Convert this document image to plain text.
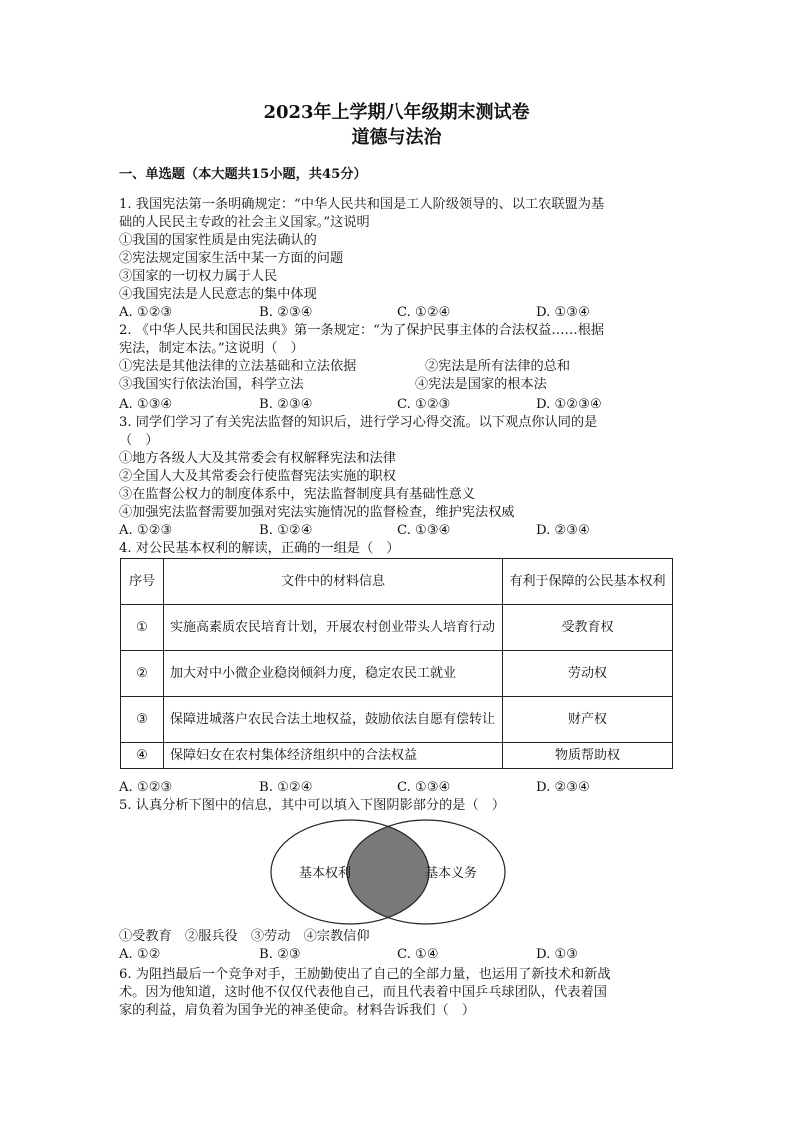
2023年上学期八年级期末测试卷
道德与法治
一、单选题（本大题共15小题，共45分）
1. 我国宪法第一条明确规定：“中华人民共和国是工人阶级领导的、以工农联盟为基
础的人民民主专政的社会主义国家。”这说明
①我国的国家性质是由宪法确认的
②宪法规定国家生活中某一方面的问题
③国家的一切权力属于人民
④我国宪法是人民意志的集中体现
A. ①②③	B. ②③④	C. ①②④	D. ①③④
2. 《中华人民共和国民法典》第一条规定：“为了保护民事主体的合法权益……根据
宪法，制定本法。”这说明（　）
①宪法是其他法律的立法基础和立法依据	②宪法是所有法律的总和
③我国实行依法治国，科学立法	④宪法是国家的根本法
A. ①③④	B. ②③④	C. ①②③	D. ①②③④
3. 同学们学习了有关宪法监督的知识后，进行学习心得交流。以下观点你认同的是
（　）
①地方各级人大及其常委会有权解释宪法和法律
②全国人大及其常委会行使监督宪法实施的职权
③在监督公权力的制度体系中，宪法监督制度具有基础性意义
④加强宪法监督需要加强对宪法实施情况的监督检查，维护宪法权威
A. ①②③	B. ①②④	C. ①③④	D. ②③④
4. 对公民基本权利的解读，正确的一组是（　）
序号	文件中的材料信息	有利于保障的公民基本权利
①	实施高素质农民培育计划，开展农村创业带头人培育行动	受教育权
②	加大对中小微企业稳岗倾斜力度，稳定农民工就业	劳动权
③	保障进城落户农民合法土地权益，鼓励依法自愿有偿转让	财产权
④	保障妇女在农村集体经济组织中的合法权益	物质帮助权
A. ①②③	B. ①②④	C. ①③④	D. ②③④
5. 认真分析下图中的信息，其中可以填入下图阴影部分的是（　）
基本权利	基本义务
①受教育　②服兵役　③劳动　④宗教信仰
A. ①②	B. ②③	C. ①④	D. ①③
6. 为阻挡最后一个竞争对手，王励勤使出了自己的全部力量，也运用了新技术和新战
术。因为他知道，这时他不仅仅代表他自己，而且代表着中国乒乓球团队，代表着国
家的利益，肩负着为国争光的神圣使命。材料告诉我们（　）
